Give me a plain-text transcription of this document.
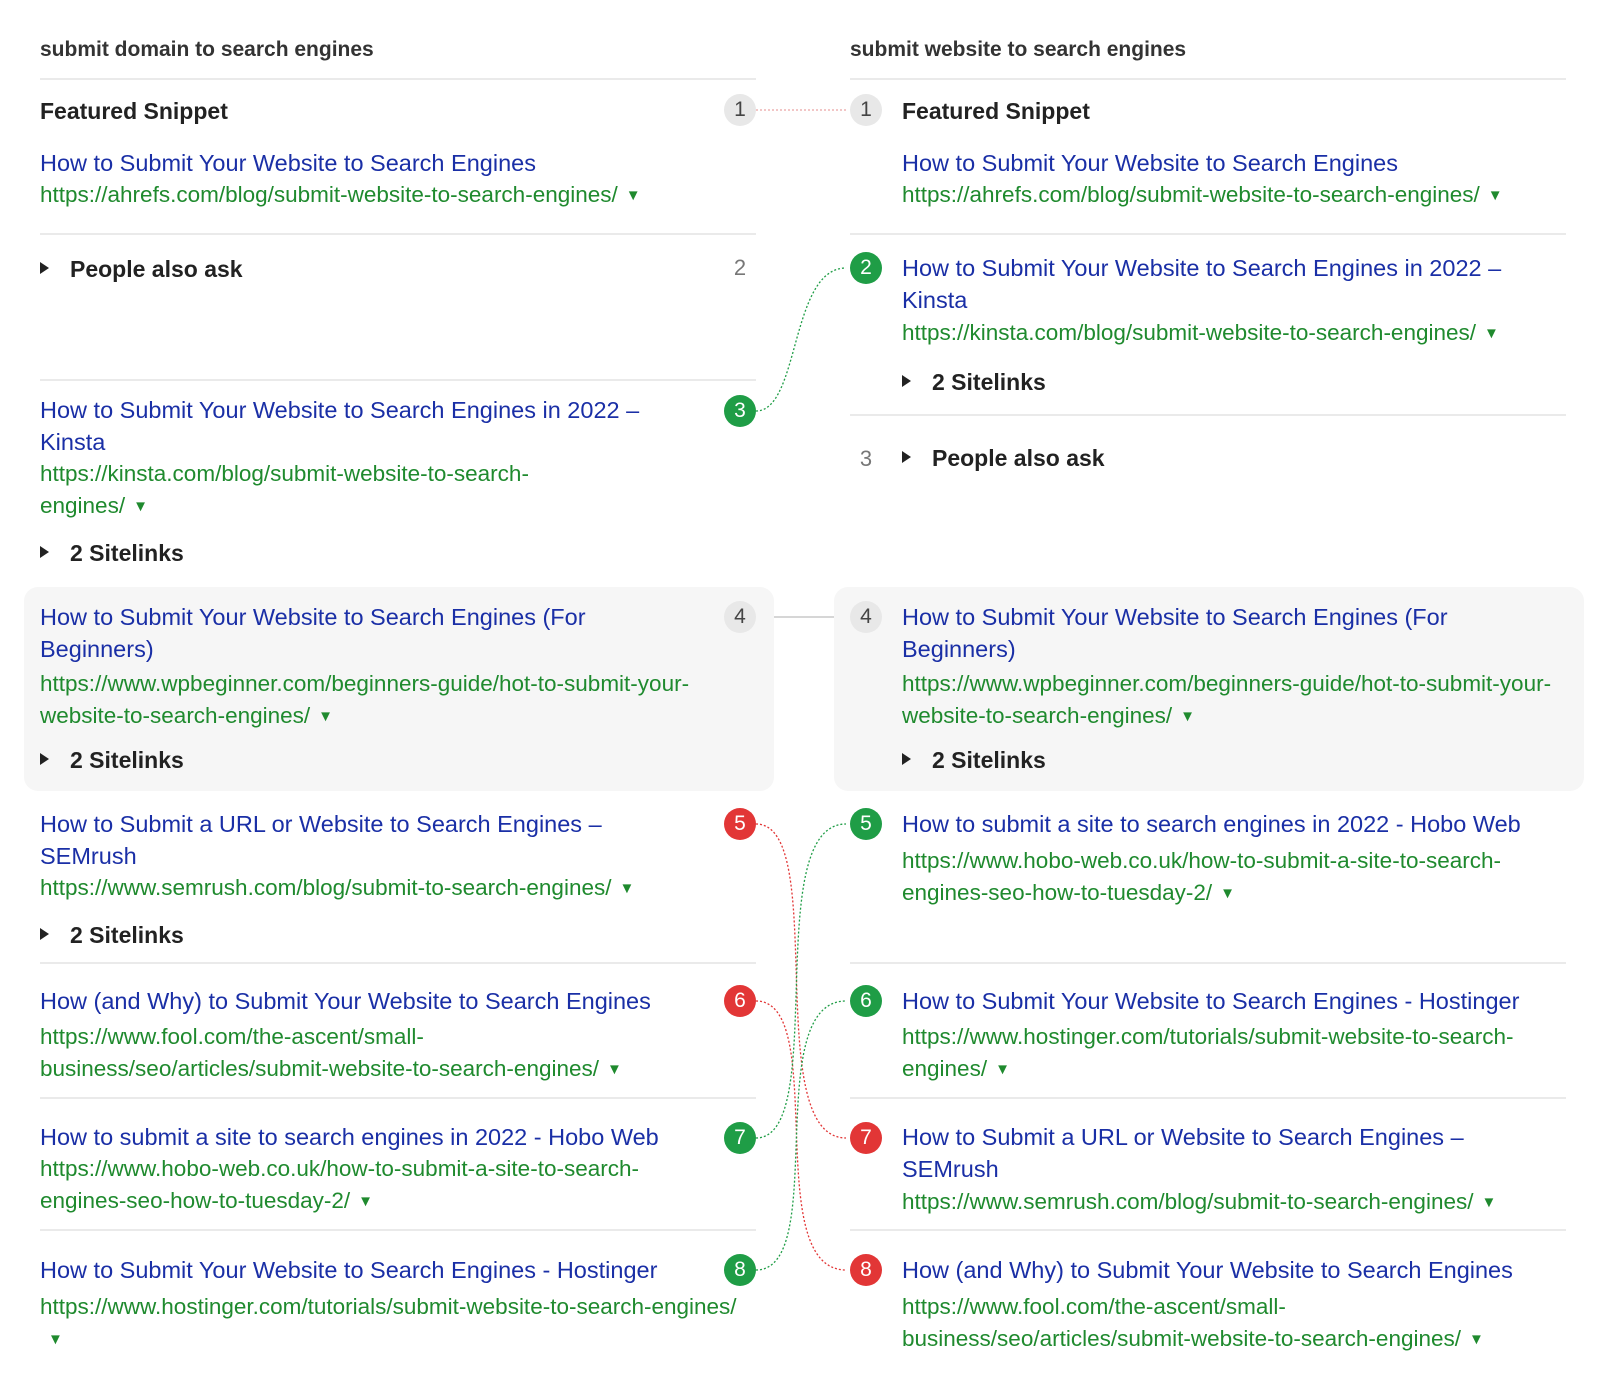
submit domain to search engines
Featured Snippet	1
How to Submit Your Website to Search Engines
https://ahrefs.com/blog/submit-website-to-search-engines/ ▼
People also ask	2
How to Submit Your Website to Search Engines in 2022 – Kinsta
3
https://kinsta.com/blog/submit-website-to-search-engines/ ▼
2 Sitelinks
How to Submit Your Website to Search Engines (For Beginners)
4
https://www.wpbeginner.com/beginners-guide/hot-to-submit-your-website-to-search-engines/ ▼
2 Sitelinks
How to Submit a URL or Website to Search Engines – SEMrush
5
https://www.semrush.com/blog/submit-to-search-engines/ ▼
2 Sitelinks
How (and Why) to Submit Your Website to Search Engines	6
https://www.fool.com/the-ascent/small-business/seo/articles/submit-website-to-search-engines/ ▼
How to submit a site to search engines in 2022 - Hobo Web	7
https://www.hobo-web.co.uk/how-to-submit-a-site-to-search-engines-seo-how-to-tuesday-2/ ▼
How to Submit Your Website to Search Engines - Hostinger	8
https://www.hostinger.com/tutorials/submit-website-to-search-engines/▼
submit website to search engines
1	Featured Snippet
How to Submit Your Website to Search Engines
https://ahrefs.com/blog/submit-website-to-search-engines/ ▼
2	How to Submit Your Website to Search Engines in 2022 – Kinsta
https://kinsta.com/blog/submit-website-to-search-engines/ ▼
2 Sitelinks
3	People also ask
4	How to Submit Your Website to Search Engines (For Beginners)
https://www.wpbeginner.com/beginners-guide/hot-to-submit-your-website-to-search-engines/ ▼
2 Sitelinks
5	How to submit a site to search engines in 2022 - Hobo Web
https://www.hobo-web.co.uk/how-to-submit-a-site-to-search-engines-seo-how-to-tuesday-2/ ▼
6	How to Submit Your Website to Search Engines - Hostinger
https://www.hostinger.com/tutorials/submit-website-to-search-engines/ ▼
7	How to Submit a URL or Website to Search Engines – SEMrush
https://www.semrush.com/blog/submit-to-search-engines/ ▼
8	How (and Why) to Submit Your Website to Search Engines
https://www.fool.com/the-ascent/small-business/seo/articles/submit-website-to-search-engines/ ▼
